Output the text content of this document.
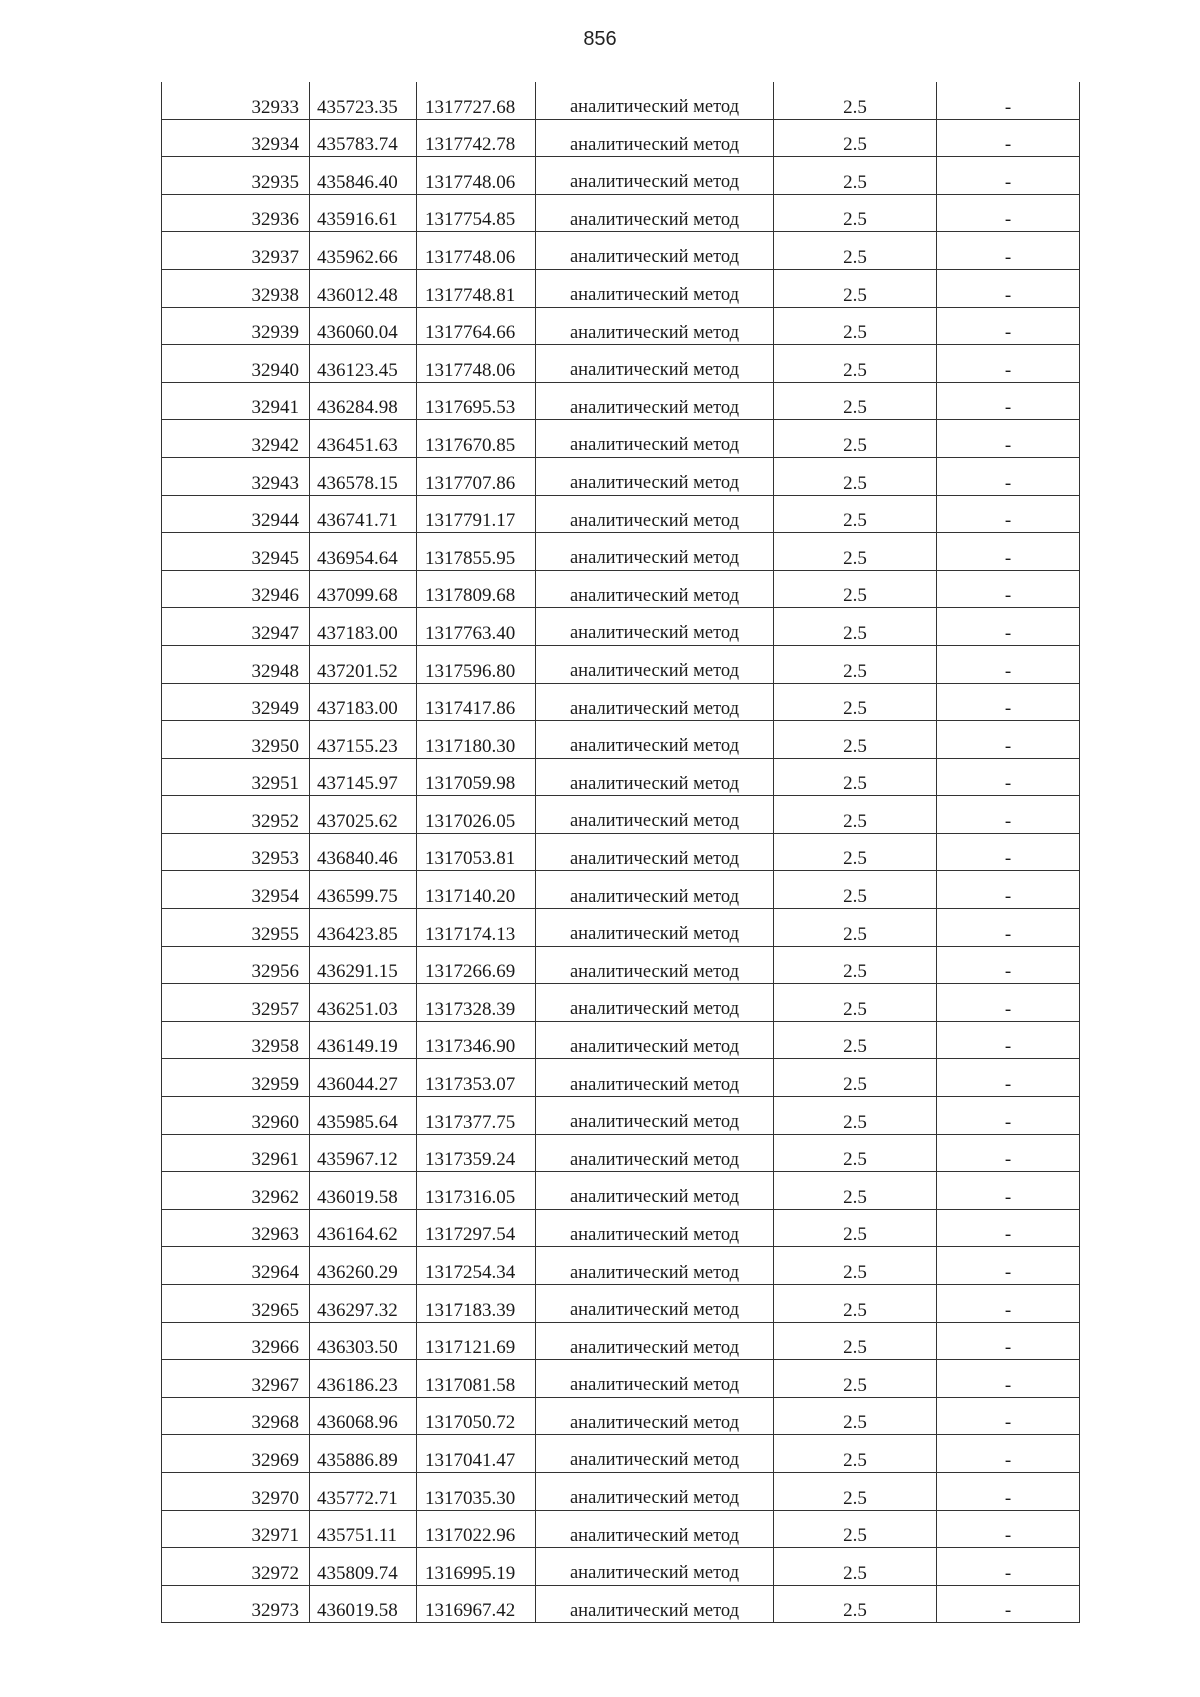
856
32933	435723.35	1317727.68	аналитический метод	2.5	-

32934	435783.74	1317742.78	аналитический метод	2.5	-

32935	435846.40	1317748.06	аналитический метод	2.5	-

32936	435916.61	1317754.85	аналитический метод	2.5	-

32937	435962.66	1317748.06	аналитический метод	2.5	-

32938	436012.48	1317748.81	аналитический метод	2.5	-

32939	436060.04	1317764.66	аналитический метод	2.5	-

32940	436123.45	1317748.06	аналитический метод	2.5	-

32941	436284.98	1317695.53	аналитический метод	2.5	-

32942	436451.63	1317670.85	аналитический метод	2.5	-

32943	436578.15	1317707.86	аналитический метод	2.5	-

32944	436741.71	1317791.17	аналитический метод	2.5	-

32945	436954.64	1317855.95	аналитический метод	2.5	-

32946	437099.68	1317809.68	аналитический метод	2.5	-

32947	437183.00	1317763.40	аналитический метод	2.5	-

32948	437201.52	1317596.80	аналитический метод	2.5	-

32949	437183.00	1317417.86	аналитический метод	2.5	-

32950	437155.23	1317180.30	аналитический метод	2.5	-

32951	437145.97	1317059.98	аналитический метод	2.5	-

32952	437025.62	1317026.05	аналитический метод	2.5	-

32953	436840.46	1317053.81	аналитический метод	2.5	-

32954	436599.75	1317140.20	аналитический метод	2.5	-

32955	436423.85	1317174.13	аналитический метод	2.5	-

32956	436291.15	1317266.69	аналитический метод	2.5	-

32957	436251.03	1317328.39	аналитический метод	2.5	-

32958	436149.19	1317346.90	аналитический метод	2.5	-

32959	436044.27	1317353.07	аналитический метод	2.5	-

32960	435985.64	1317377.75	аналитический метод	2.5	-

32961	435967.12	1317359.24	аналитический метод	2.5	-

32962	436019.58	1317316.05	аналитический метод	2.5	-

32963	436164.62	1317297.54	аналитический метод	2.5	-

32964	436260.29	1317254.34	аналитический метод	2.5	-

32965	436297.32	1317183.39	аналитический метод	2.5	-

32966	436303.50	1317121.69	аналитический метод	2.5	-

32967	436186.23	1317081.58	аналитический метод	2.5	-

32968	436068.96	1317050.72	аналитический метод	2.5	-

32969	435886.89	1317041.47	аналитический метод	2.5	-

32970	435772.71	1317035.30	аналитический метод	2.5	-

32971	435751.11	1317022.96	аналитический метод	2.5	-

32972	435809.74	1316995.19	аналитический метод	2.5	-

32973	436019.58	1316967.42	аналитический метод	2.5	-
